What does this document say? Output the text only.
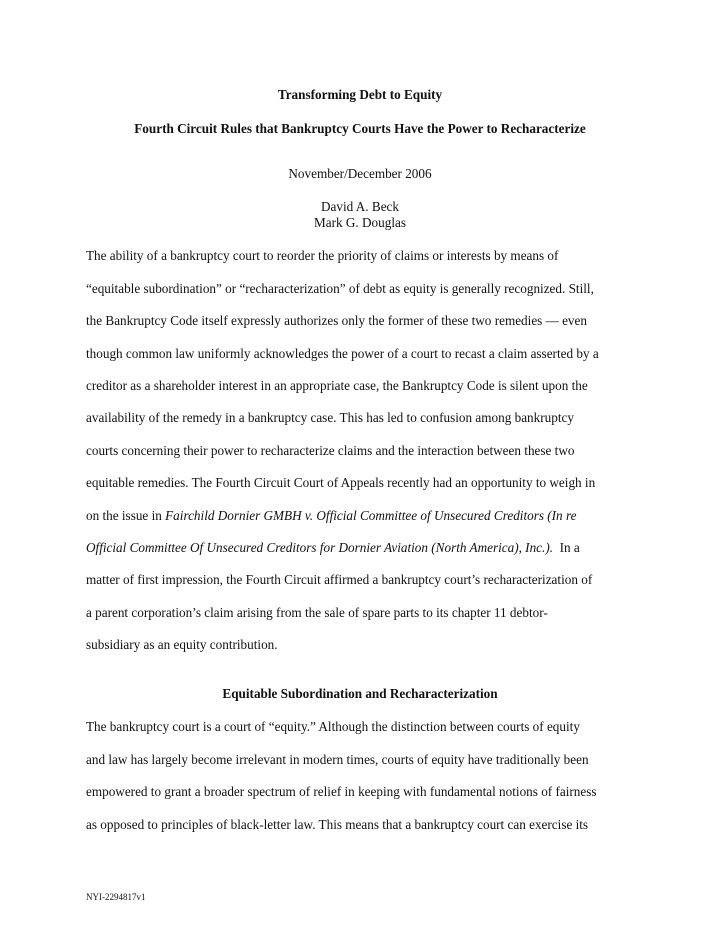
Transforming Debt to Equity
Fourth Circuit Rules that Bankruptcy Courts Have the Power to Recharacterize
November/December 2006
David A. Beck
Mark G. Douglas
The ability of a bankruptcy court to reorder the priority of claims or interests by means of
“equitable subordination” or “recharacterization” of debt as equity is generally recognized. Still,
the Bankruptcy Code itself expressly authorizes only the former of these two remedies — even
though common law uniformly acknowledges the power of a court to recast a claim asserted by a
creditor as a shareholder interest in an appropriate case, the Bankruptcy Code is silent upon the
availability of the remedy in a bankruptcy case. This has led to confusion among bankruptcy
courts concerning their power to recharacterize claims and the interaction between these two
equitable remedies. The Fourth Circuit Court of Appeals recently had an opportunity to weigh in
on the issue in Fairchild Dornier GMBH v. Official Committee of Unsecured Creditors (In re
Official Committee Of Unsecured Creditors for Dornier Aviation (North America), Inc.).  In a
matter of first impression, the Fourth Circuit affirmed a bankruptcy court’s recharacterization of
a parent corporation’s claim arising from the sale of spare parts to its chapter 11 debtor-
subsidiary as an equity contribution.
Equitable Subordination and Recharacterization
The bankruptcy court is a court of “equity.” Although the distinction between courts of equity
and law has largely become irrelevant in modern times, courts of equity have traditionally been
empowered to grant a broader spectrum of relief in keeping with fundamental notions of fairness
as opposed to principles of black-letter law. This means that a bankruptcy court can exercise its
NYI-2294817v1
